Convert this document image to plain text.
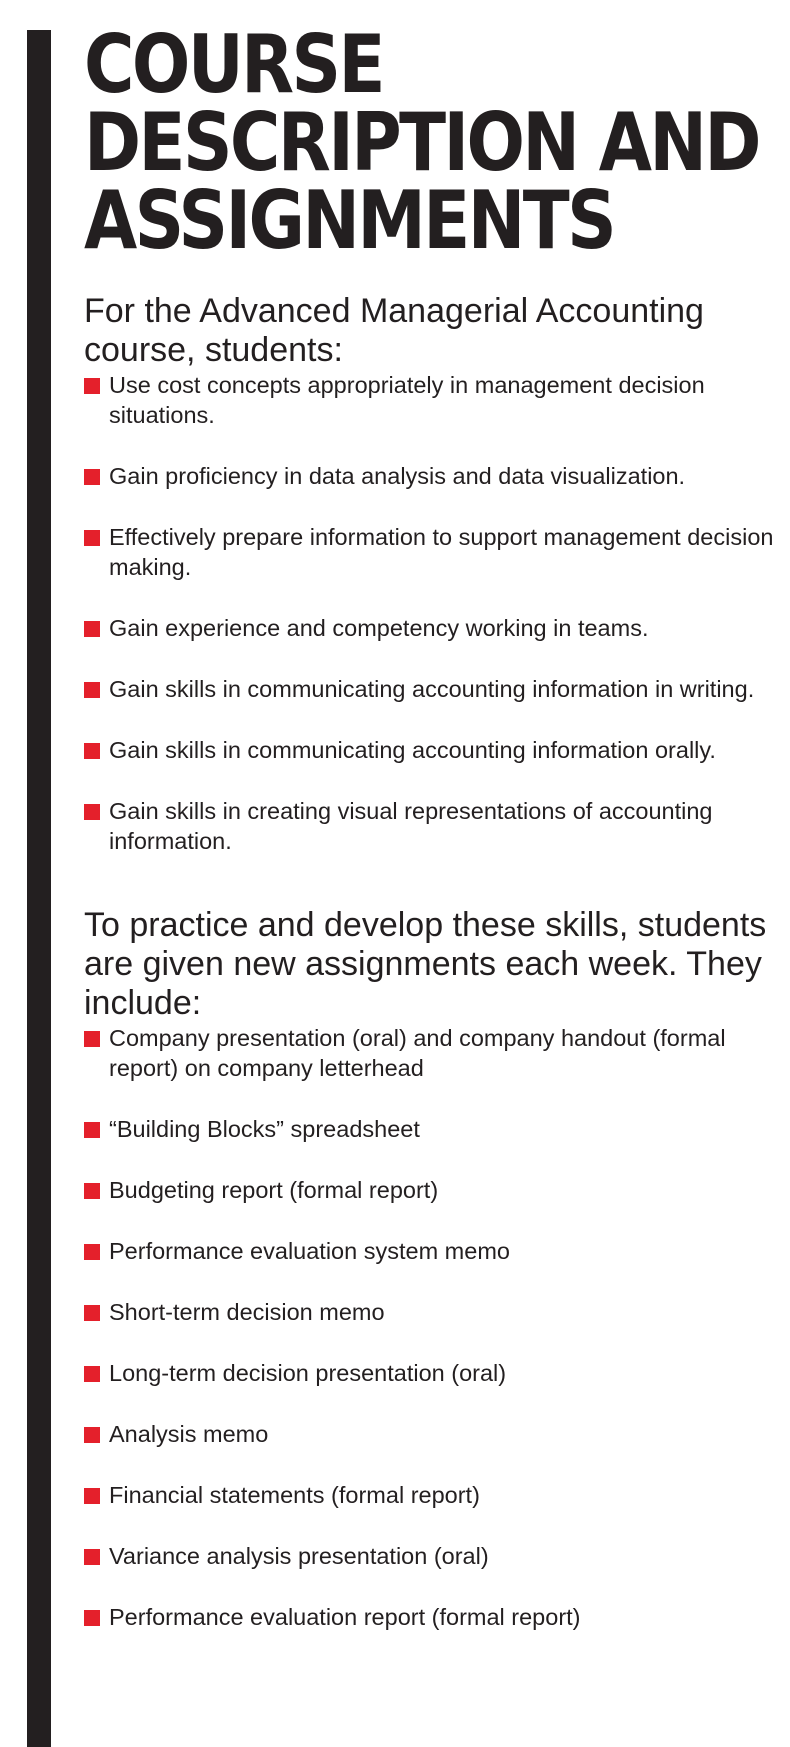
COURSE
DESCRIPTION AND
ASSIGNMENTS

For the Advanced Managerial Accounting course, students:

Use cost concepts appropriately in management decision situations.
Gain proficiency in data analysis and data visualization.
Effectively prepare information to support management decision making.
Gain experience and competency working in teams.
Gain skills in communicating accounting information in writing.
Gain skills in communicating accounting information orally.
Gain skills in creating visual representations of accounting information.

To practice and develop these skills, students are given new assignments each week. They include:

Company presentation (oral) and company handout (formal report) on company letterhead
“Building Blocks” spreadsheet
Budgeting report (formal report)
Performance evaluation system memo
Short-term decision memo
Long-term decision presentation (oral)
Analysis memo
Financial statements (formal report)
Variance analysis presentation (oral)
Performance evaluation report (formal report)
